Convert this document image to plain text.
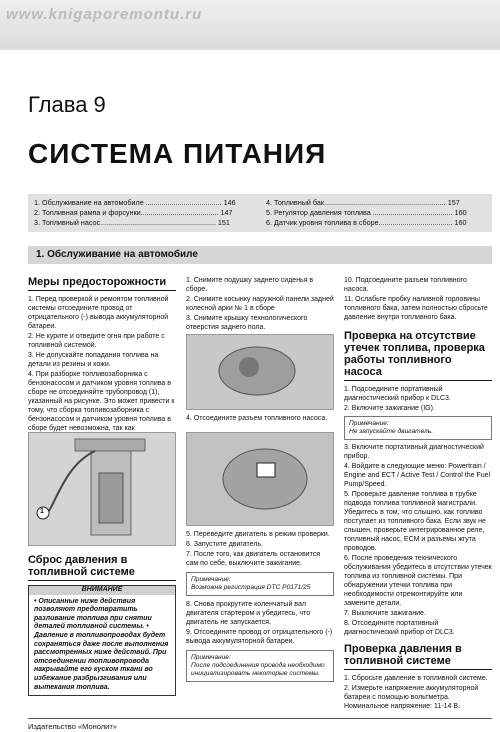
www.knigaporemontu.ru
Глава 9
СИСТЕМА ПИТАНИЯ
1. Обслуживание на автомобиле ...................................... 146
2. Топливная рампа и форсунки....................................... 147
3. Топливный насос.......................................................... 151
4. Топливный бак............................................................. 157
5. Регулятор давления топлива ........................................ 160
6. Датчик уровня топлива в сборе..................................... 160
1. Обслуживание на автомобиле
Меры предосторожности

1. Перед проверкой и ремонтом топливной системы отсоедините провод от отрицательного (-) вывода аккумуляторной батареи.

2. Не курите и отведите огня при работе с топливной системой.

3. Не допускайте попадания топлива на детали из резины и кожи.

4. При разборке топливозаборника с бензонасосом и датчиком уровня топлива в сборе не отсоединяйте трубопровод (1), указанный на рисунке. Это может привести к тому, что сборка топливозаборника с бензонасосом и датчиком уровня топлива в сборе будет невозможна, так как

1
Сброс давления в топливной системе
ВНИМАНИЕ
• Описанные ниже действия позволяют предотвратить разливание топлива при снятии деталей топливной системы. • Давление в топливопроводах будет сохраняться даже после выполнения рассмотренных ниже действий. При отсоединении топливопровода накрывайте его куском ткани во избежание разбрызгивания или вытекания топлива.

1. Снимите подушку заднего сиденья в сборе.

2. Снимите косынку наружной панели задней колесной арки № 1 в сборе

3. Снимите крышку технологического отверстия заднего пола.

4. Отсоедините разъем топливного насоса.

5. Переведите двигатель в режим проверки.

6. Запустите двигатель.

7. После того, как двигатель остановится сам по себе, выключите зажигание.

Примечание:
Возможна регистрация DTC P0171/25

8. Снова прокрутите коленчатый вал двигателя стартером и убедитесь, что двигатель не запускается.

9. Отсоедините провод от отрицательного (-) вывода аккумуляторной батареи.

Примечание:
После подсоединения провода необходимо инициализировать некоторые системы.

10. Подсоедините разъем топливного насоса.

11. Ослабьте пробку наливной горловины топливного бака, затем полностью сбросьте давление внутри топливного бака.

Проверка на отсутствие утечек топлива, проверка работы топливного насоса

1. Подсоедините портативный диагностический прибор к DLC3.

2. Включите зажигание (IG).

Примечание:
Не запускайте двигатель.

3. Включите портативный диагностический прибор.

4. Войдите в следующие меню: Powertrain / Engine and ECT / Active Test / Control the Fuel Pump/Speed.

5. Проверьте давление топлива в трубке подвода топлива топливной магистрали. Убедитесь в том, что слышно, как топливо поступает из топливного бака. Если звук не слышен, проверьте интегрированное реле, топливный насос, ECM и разъемы жгута проводов.

6. После проведения технического обслуживания убедитесь в отсутствии утечек топлива из топливной системы. При обнаружении утечки топлива при необходимости отремонтируйте или замените детали.

7. Выключите зажигание.

8. Отсоедините портативный диагностический прибор от DLC3.

Проверка давления в топливной системе

1. Сбросьте давление в топливной системе.

2. Измерьте напряжение аккумуляторной батареи с помощью вольтметра. Номинальное напряжение: 11-14 В.

Издательство «Монолит»
